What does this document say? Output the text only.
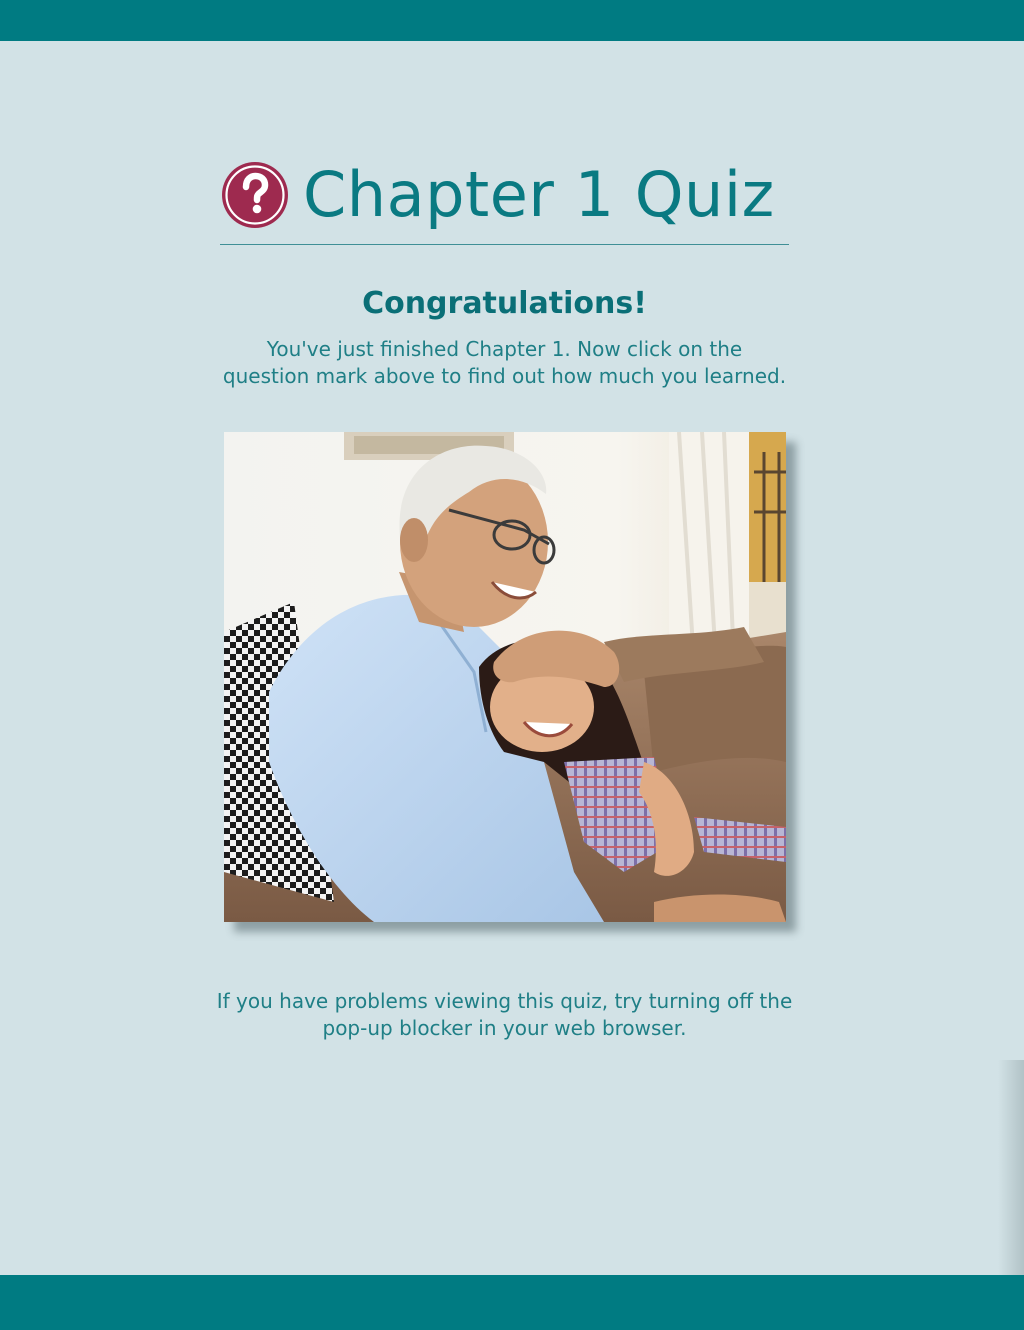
Chapter 1 Quiz
Congratulations!
You've just finished Chapter 1. Now click on the
question mark above to find out how much you learned.
If you have problems viewing this quiz, try turning off the
pop-up blocker in your web browser.
